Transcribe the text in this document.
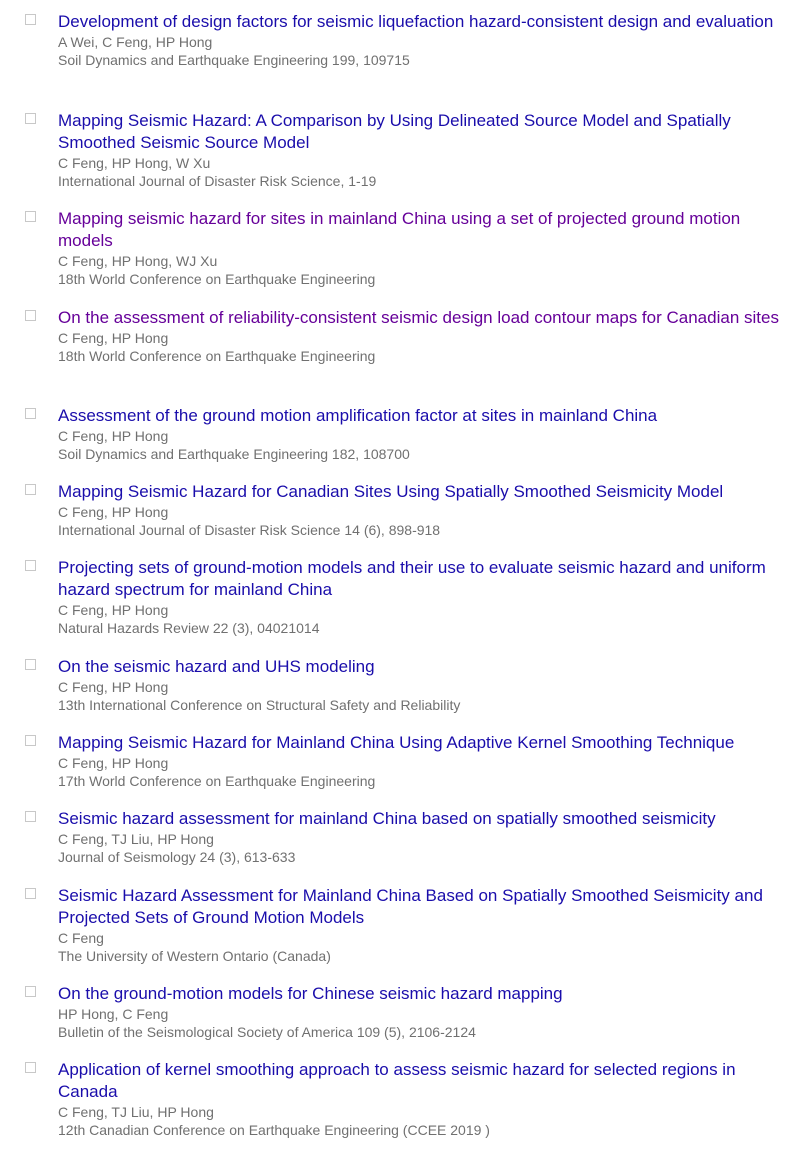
Development of design factors for seismic liquefaction hazard-consistent design and evaluation
A Wei, C Feng, HP Hong
Soil Dynamics and Earthquake Engineering 199, 109715
Mapping Seismic Hazard: A Comparison by Using Delineated Source Model and Spatially Smoothed Seismic Source Model
C Feng, HP Hong, W Xu
International Journal of Disaster Risk Science, 1-19
Mapping seismic hazard for sites in mainland China using a set of projected ground motion models
C Feng, HP Hong, WJ Xu
18th World Conference on Earthquake Engineering
On the assessment of reliability-consistent seismic design load contour maps for Canadian sites
C Feng, HP Hong
18th World Conference on Earthquake Engineering
Assessment of the ground motion amplification factor at sites in mainland China
C Feng, HP Hong
Soil Dynamics and Earthquake Engineering 182, 108700
Mapping Seismic Hazard for Canadian Sites Using Spatially Smoothed Seismicity Model
C Feng, HP Hong
International Journal of Disaster Risk Science 14 (6), 898-918
Projecting sets of ground-motion models and their use to evaluate seismic hazard and uniform hazard spectrum for mainland China
C Feng, HP Hong
Natural Hazards Review 22 (3), 04021014
On the seismic hazard and UHS modeling
C Feng, HP Hong
13th International Conference on Structural Safety and Reliability
Mapping Seismic Hazard for Mainland China Using Adaptive Kernel Smoothing Technique
C Feng, HP Hong
17th World Conference on Earthquake Engineering
Seismic hazard assessment for mainland China based on spatially smoothed seismicity
C Feng, TJ Liu, HP Hong
Journal of Seismology 24 (3), 613-633
Seismic Hazard Assessment for Mainland China Based on Spatially Smoothed Seismicity and Projected Sets of Ground Motion Models
C Feng
The University of Western Ontario (Canada)
On the ground‐motion models for Chinese seismic hazard mapping
HP Hong, C Feng
Bulletin of the Seismological Society of America 109 (5), 2106-2124
Application of kernel smoothing approach to assess seismic hazard for selected regions in Canada
C Feng, TJ Liu, HP Hong
12th Canadian Conference on Earthquake Engineering (CCEE 2019 )
